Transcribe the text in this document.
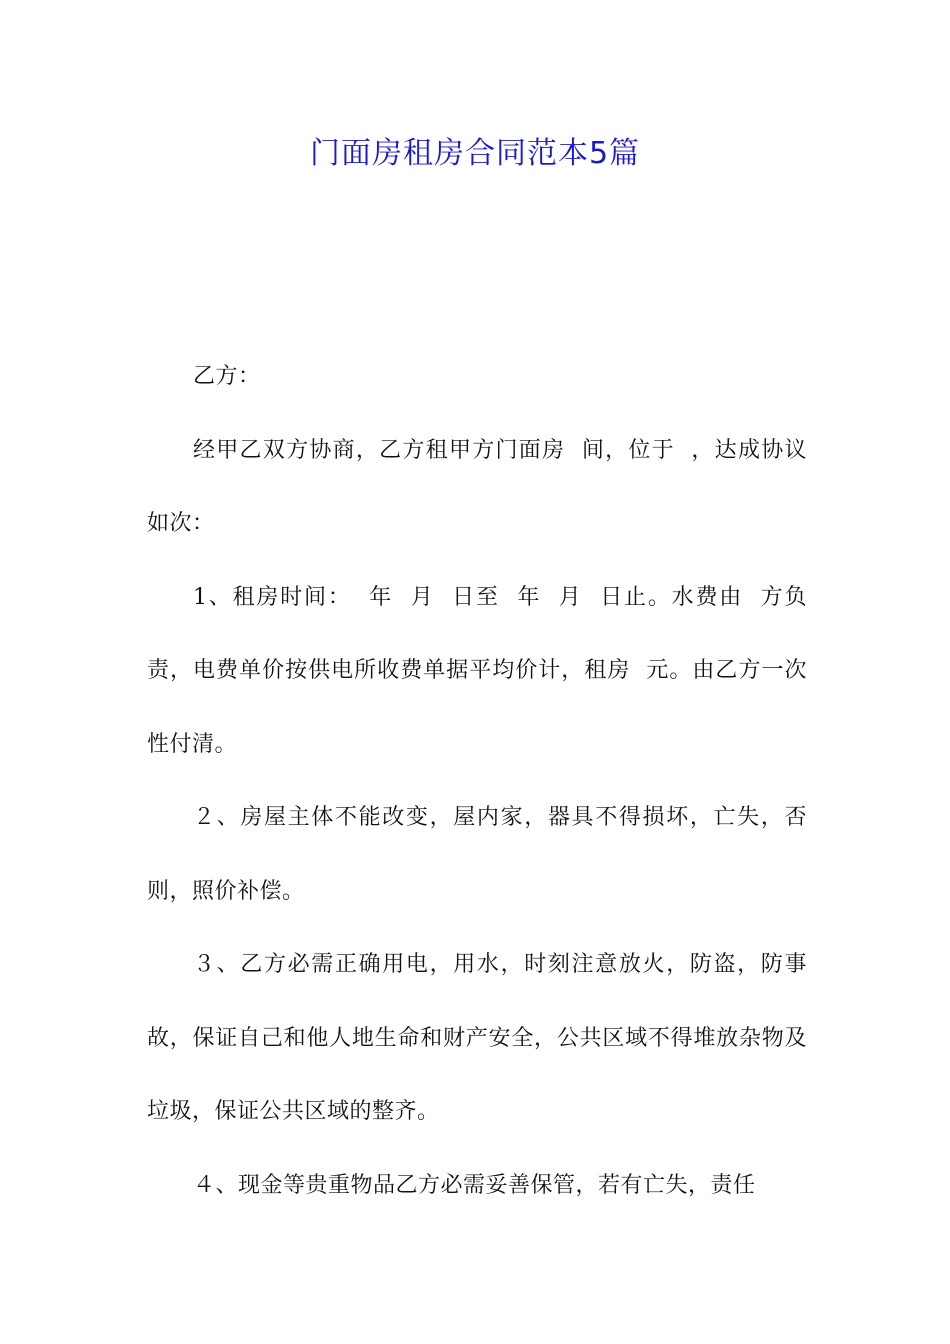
门面房租房合同范本5篇

乙方：

经甲乙双方协商，乙方租甲方门面房  间，位于  ，达成协议如次：

1、租房时间：  年  月  日至  年  月  日止。水费由  方负责，电费单价按供电所收费单据平均价计，租房  元。由乙方一次性付清。

２、房屋主体不能改变，屋内家，器具不得损坏，亡失，否则，照价补偿。

３、乙方必需正确用电，用水，时刻注意放火，防盗，防事故，保证自己和他人地生命和财产安全，公共区域不得堆放杂物及垃圾，保证公共区域的整齐。

４、现金等贵重物品乙方必需妥善保管，若有亡失，责任
